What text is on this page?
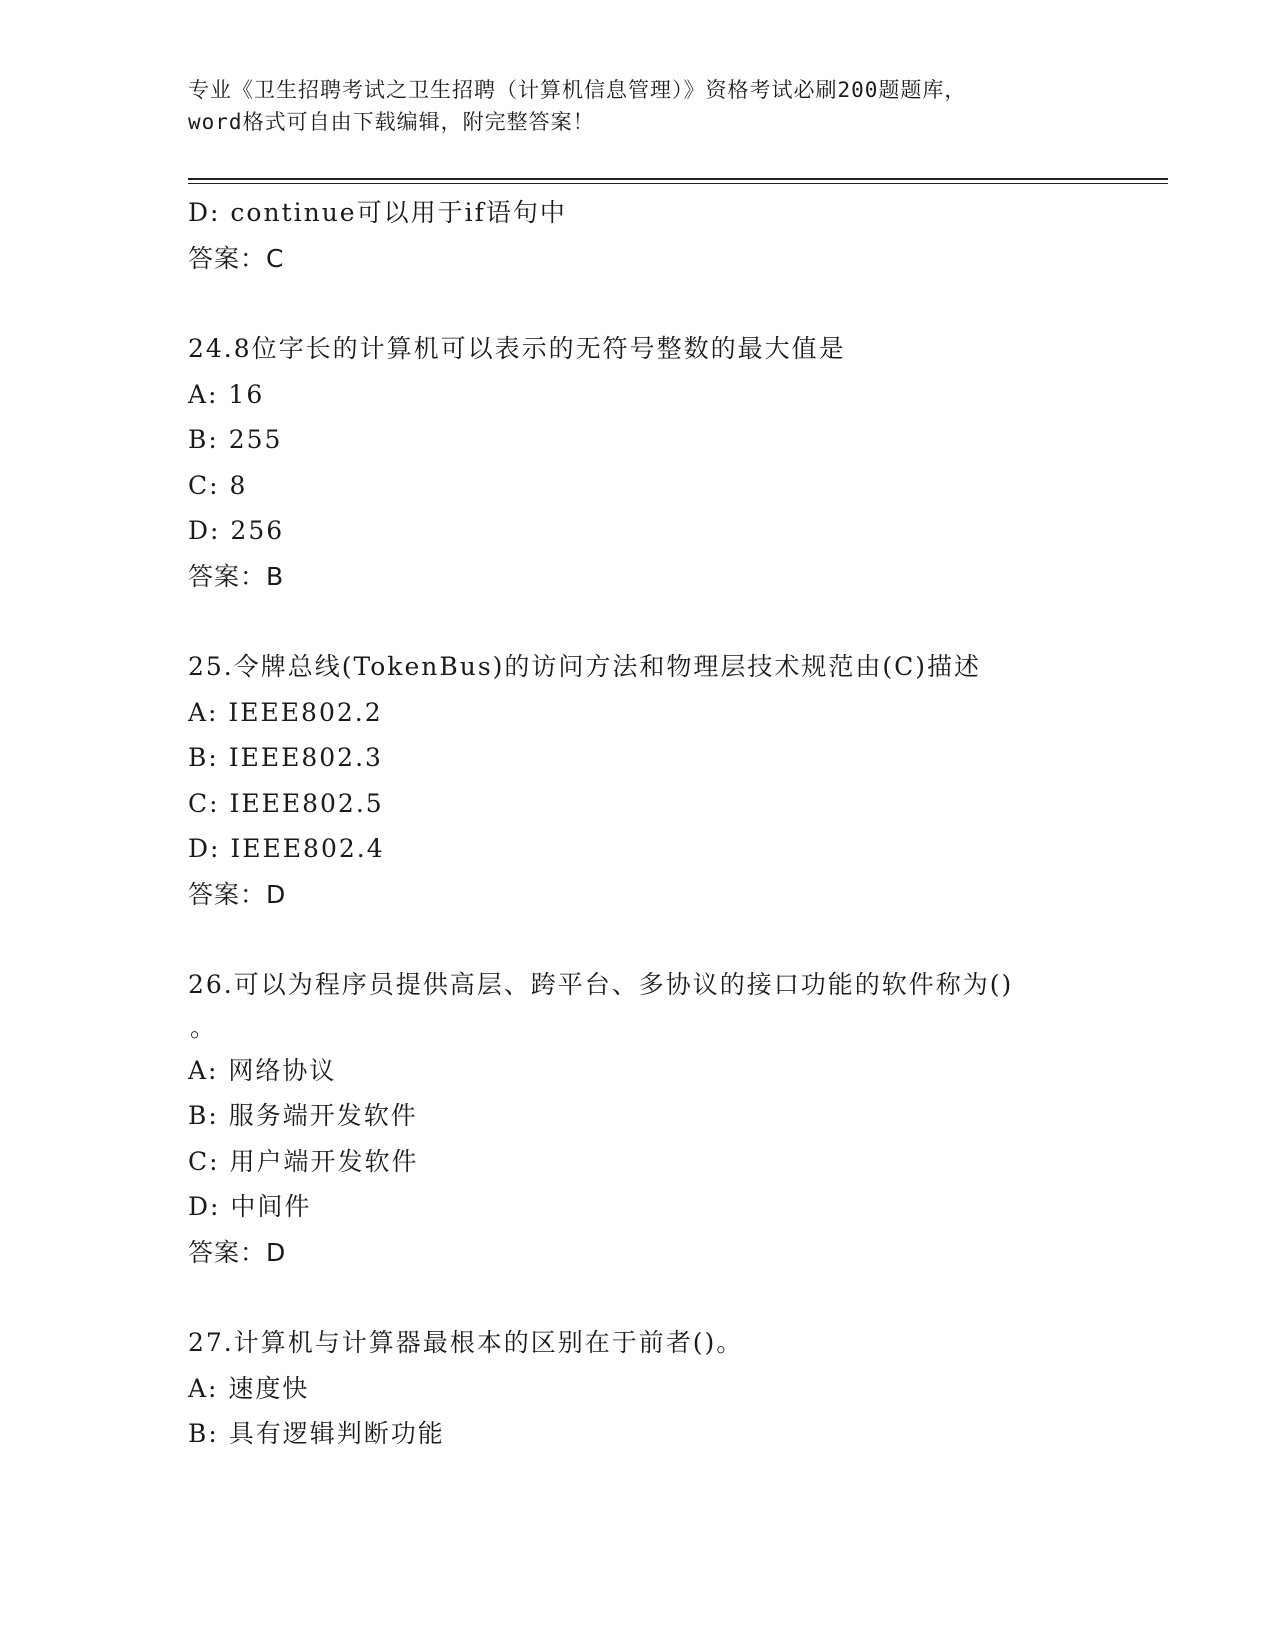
专业《卫生招聘考试之卫生招聘（计算机信息管理）》资格考试必刷200题题库，
word格式可自由下载编辑，附完整答案！
D: continue可以用于if语句中
答案：C
24.8位字长的计算机可以表示的无符号整数的最大值是
A: 16
B: 255
C: 8
D: 256
答案：B
25.令牌总线(TokenBus)的访问方法和物理层技术规范由(C)描述
A: IEEE802.2
B: IEEE802.3
C: IEEE802.5
D: IEEE802.4
答案：D
26.可以为程序员提供高层、跨平台、多协议的接口功能的软件称为()
。
A: 网络协议
B: 服务端开发软件
C: 用户端开发软件
D: 中间件
答案：D
27.计算机与计算器最根本的区别在于前者()。
A: 速度快
B: 具有逻辑判断功能
